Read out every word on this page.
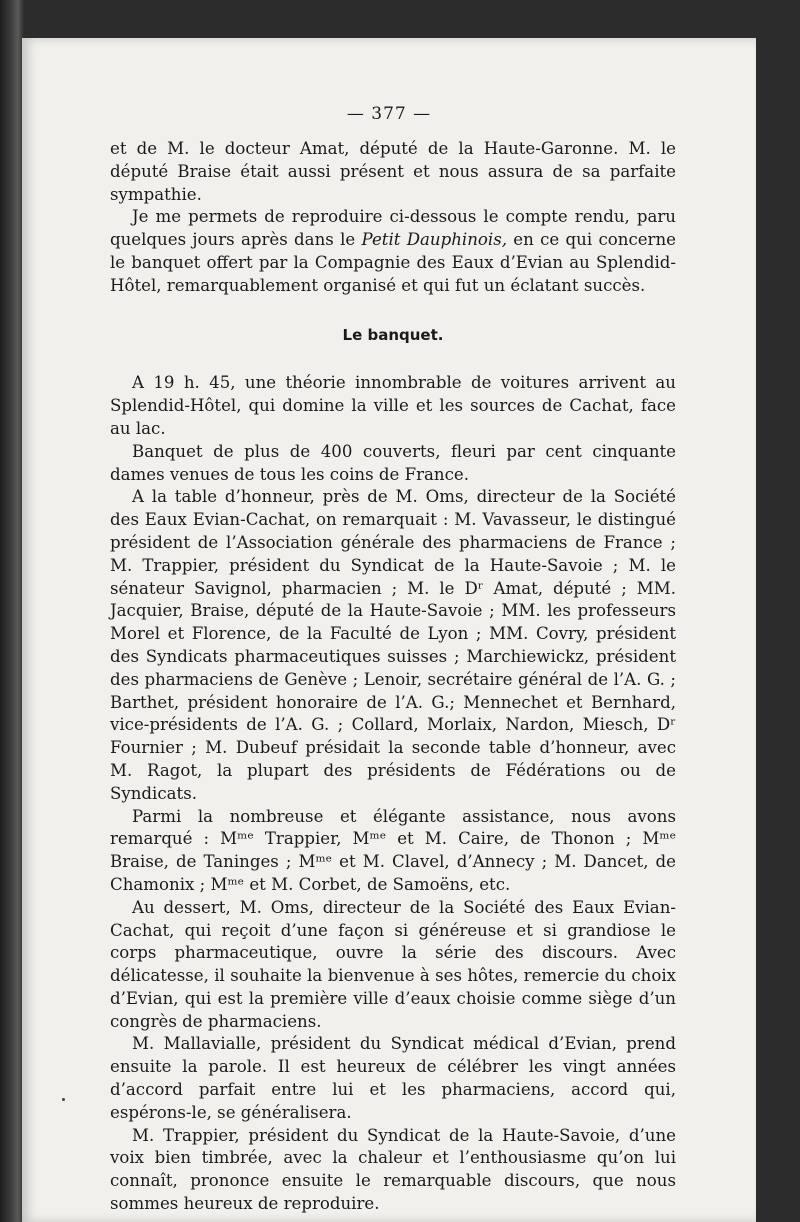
— 377 —

et de M. le docteur Amat, député de la Haute-Garonne. M. le député Braise était aussi présent et nous assura de sa parfaite sympathie.

Je me permets de reproduire ci-dessous le compte rendu, paru quelques jours après dans le Petit Dauphinois, en ce qui concerne le banquet offert par la Compagnie des Eaux d’Evian au Splendid-Hôtel, remarquablement organisé et qui fut un éclatant succès.

Le banquet.

A 19 h. 45, une théorie innombrable de voitures arrivent au Splendid-Hôtel, qui domine la ville et les sources de Cachat, face au lac.

Banquet de plus de 400 couverts, fleuri par cent cinquante dames venues de tous les coins de France.

A la table d’honneur, près de M. Oms, directeur de la Société des Eaux Evian-Cachat, on remarquait : M. Vavasseur, le distingué président de l’Association générale des pharmaciens de France ; M. Trappier, président du Syndicat de la Haute-Savoie ; M. le sénateur Savignol, pharmacien ; M. le Dʳ Amat, député ; MM. Jacquier, Braise, député de la Haute-Savoie ; MM. les professeurs Morel et Florence, de la Faculté de Lyon ; MM. Covry, président des Syndicats pharmaceutiques suisses ; Marchiewickz, président des pharmaciens de Genève ; Lenoir, secrétaire général de l’A. G. ; Barthet, président honoraire de l’A. G.; Mennechet et Bernhard, vice-présidents de l’A. G. ; Collard, Morlaix, Nardon, Miesch, Dʳ Fournier ; M. Dubeuf présidait la seconde table d’honneur, avec M. Ragot, la plupart des présidents de Fédérations ou de Syndicats.

Parmi la nombreuse et élégante assistance, nous avons remarqué : Mᵐᵉ Trappier, Mᵐᵉ et M. Caire, de Thonon ; Mᵐᵉ Braise, de Taninges ; Mᵐᵉ et M. Clavel, d’Annecy ; M. Dancet, de Chamonix ; Mᵐᵉ et M. Corbet, de Samoëns, etc.

Au dessert, M. Oms, directeur de la Société des Eaux Evian-Cachat, qui reçoit d’une façon si généreuse et si grandiose le corps pharmaceutique, ouvre la série des discours. Avec délicatesse, il souhaite la bienvenue à ses hôtes, remercie du choix d’Evian, qui est la première ville d’eaux choisie comme siège d’un congrès de pharmaciens.

M. Mallavialle, président du Syndicat médical d’Evian, prend ensuite la parole. Il est heureux de célébrer les vingt années d’accord parfait entre lui et les pharmaciens, accord qui, espérons-le, se généralisera.

M. Trappier, président du Syndicat de la Haute-Savoie, d’une voix bien timbrée, avec la chaleur et l’enthousiasme qu’on lui connaît, prononce ensuite le remarquable discours, que nous sommes heureux de reproduire.
